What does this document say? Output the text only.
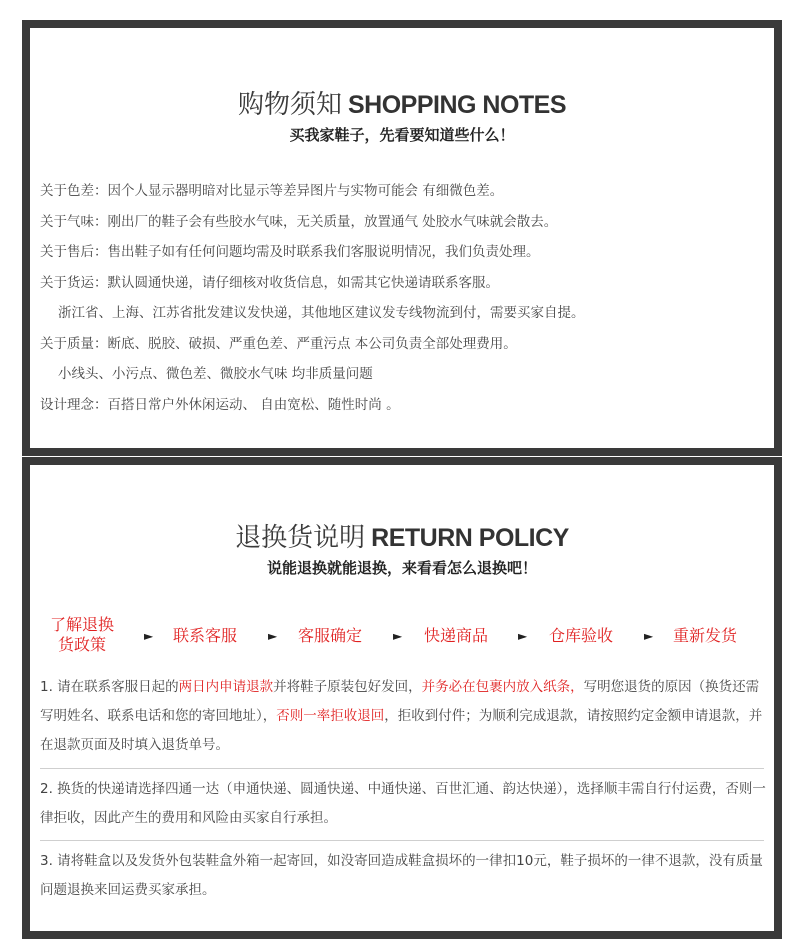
购物须知 SHOPPING NOTES
买我家鞋子，先看要知道些什么！
关于色差：因个人显示器明暗对比显示等差异图片与实物可能会 有细微色差。
关于气味：刚出厂的鞋子会有些胶水气味，无关质量，放置通气 处胶水气味就会散去。
关于售后：售出鞋子如有任何问题均需及时联系我们客服说明情况，我们负责处理。
关于货运：默认圆通快递，请仔细核对收货信息，如需其它快递请联系客服。
浙江省、上海、江苏省批发建议发快递，其他地区建议发专线物流到付，需要买家自提。
关于质量：断底、脱胶、破损、严重色差、严重污点 本公司负责全部处理费用。
小线头、小污点、微色差、微胶水气味 均非质量问题
设计理念：百搭日常户外休闲运动、 自由宽松、随性时尚 。
退换货说明 RETURN POLICY
说能退换就能退换，来看看怎么退换吧！
了解退换
货政策	► 联系客服	► 客服确定	► 快递商品 ► 仓库验收	► 重新发货
1. 请在联系客服日起的两日内申请退款并将鞋子原装包好发回，并务必在包裹内放入纸条，写明您退货的原因（换货还需写明姓名、联系电话和您的寄回地址），否则一率拒收退回，拒收到付件；为顺利完成退款，请按照约定金额申请退款，并在退款页面及时填入退货单号。
2. 换货的快递请选择四通一达（申通快递、圆通快递、中通快递、百世汇通、韵达快递），选择顺丰需自行付运费，否则一律拒收，因此产生的费用和风险由买家自行承担。
3. 请将鞋盒以及发货外包装鞋盒外箱一起寄回，如没寄回造成鞋盒损坏的一律扣10元，鞋子损坏的一律不退款，没有质量问题退换来回运费买家承担。
